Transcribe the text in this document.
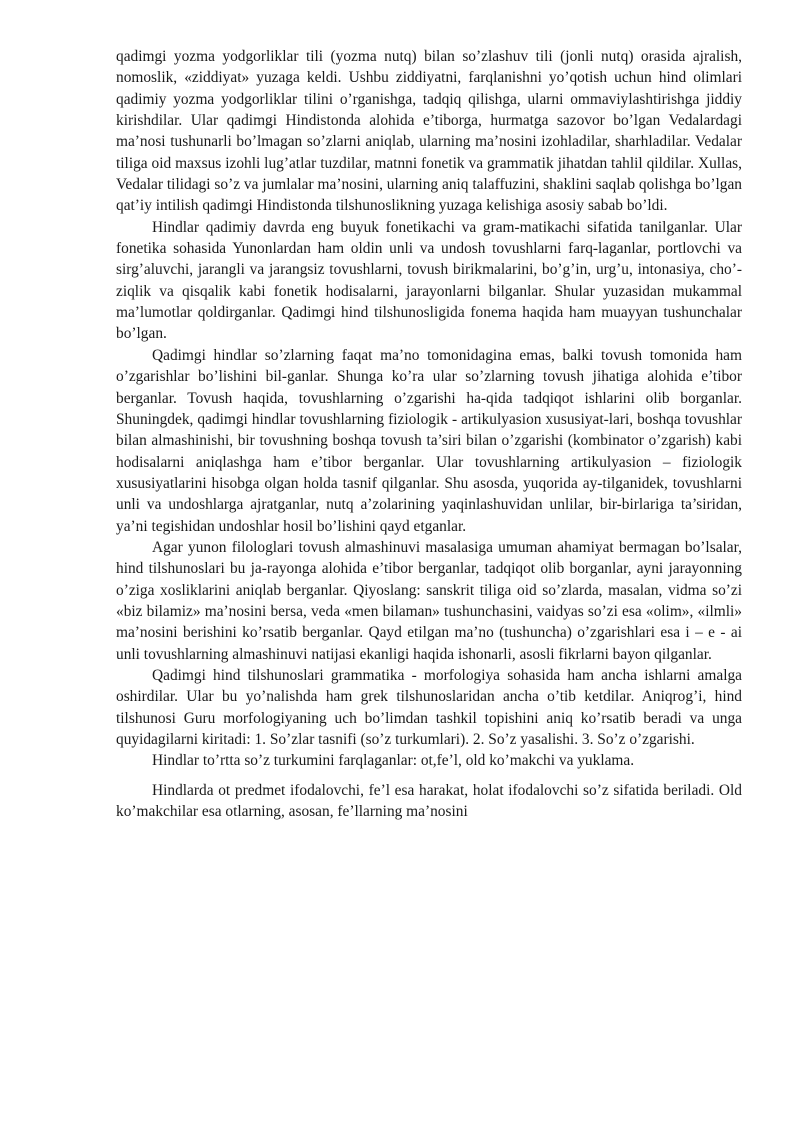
qadimgi yozma yodgorliklar tili (yozma nutq) bilan so’zlashuv tili (jonli nutq) orasida ajralish, nomoslik, «ziddiyat» yuzaga keldi. Ushbu ziddiyatni, farqlanishni yo’qotish uchun hind olimlari qadimiy yozma yodgorliklar tilini o’rganishga, tadqiq qilishga, ularni ommaviylashtirishga jiddiy kirishdilar. Ular qadimgi Hindistonda alohida e’tiborga, hurmatga sazovor bo’lgan Vedalardagi ma’nosi tushunarli bo’lmagan so’zlarni aniqlab, ularning ma’nosini izohladilar, sharhladilar. Vedalar tiliga oid maxsus izohli lug’atlar tuzdilar, matnni fonetik va grammatik jihatdan tahlil qildilar. Xullas, Vedalar tilidagi so’z va jumlalar ma’nosini, ularning aniq talaffuzini, shaklini saqlab qolishga bo’lgan qat’iy intilish qadimgi Hindistonda tilshunoslikning yuzaga kelishiga asosiy sabab bo’ldi.

Hindlar qadimiy davrda eng buyuk fonetikachi va gram-matikachi sifatida tanilganlar. Ular fonetika sohasida Yunonlardan ham oldin unli va undosh tovushlarni farq-laganlar, portlovchi va sirg’aluvchi, jarangli va jarangsiz tovushlarni, tovush birikmalarini, bo’g’in, urg’u, intonasiya, cho’-ziqlik va qisqalik kabi fonetik hodisalarni, jarayonlarni bilganlar. Shular yuzasidan mukammal ma’lumotlar qoldirganlar. Qadimgi hind tilshunosligida fonema haqida ham muayyan tushunchalar bo’lgan.

Qadimgi hindlar so’zlarning faqat ma’no tomonidagina emas, balki tovush tomonida ham o’zgarishlar bo’lishini bil-ganlar. Shunga ko’ra ular so’zlarning tovush jihatiga alohida e’tibor berganlar. Tovush haqida, tovushlarning o’zgarishi ha-qida tadqiqot ishlarini olib borganlar. Shuningdek, qadimgi hindlar tovushlarning fiziologik - artikulyasion xususiyat-lari, boshqa tovushlar bilan almashinishi, bir tovushning boshqa tovush ta’siri bilan o’zgarishi (kombinator o’zgarish) kabi hodisalarni aniqlashga ham e’tibor berganlar. Ular tovushlarning artikulyasion – fiziologik xususiyatlarini hisobga olgan holda tasnif qilganlar. Shu asosda, yuqorida ay-tilganidek, tovushlarni unli va undoshlarga ajratganlar, nutq a’zolarining yaqinlashuvidan unlilar, bir-birlariga ta’siridan, ya’ni tegishidan undoshlar hosil bo’lishini qayd etganlar.

Agar yunon filologlari tovush almashinuvi masalasiga umuman ahamiyat bermagan bo’lsalar, hind tilshunoslari bu ja-rayonga alohida e’tibor berganlar, tadqiqot olib borganlar, ayni jarayonning o’ziga xosliklarini aniqlab berganlar. Qiyoslang: sanskrit tiliga oid so’zlarda, masalan, vidma so’zi «biz bilamiz» ma’nosini bersa, veda «men bilaman» tushunchasini, vaidyas so’zi esa «olim», «ilmli» ma’nosini berishini ko’rsatib berganlar. Qayd etilgan ma’no (tushuncha) o’zgarishlari esa i – e - ai unli tovushlarning almashinuvi natijasi ekanligi haqida ishonarli, asosli fikrlarni bayon qilganlar.

Qadimgi hind tilshunoslari grammatika - morfologiya sohasida ham ancha ishlarni amalga oshirdilar. Ular bu yo’nalishda ham grek tilshunoslaridan ancha o’tib ketdilar. Aniqrog’i, hind tilshunosi Guru morfologiyaning uch bo’limdan tashkil topishini aniq ko’rsatib beradi va unga quyidagilarni kiritadi: 1. So’zlar tasnifi (so’z turkumlari). 2. So’z yasalishi. 3. So’z o’zgarishi.

Hindlar to’rtta so’z turkumini farqlaganlar: ot,fe’l, old ko’makchi va yuklama.

Hindlarda ot predmet ifodalovchi, fe’l esa harakat, holat ifodalovchi so’z sifatida beriladi. Old ko’makchilar esa otlarning, asosan, fe’llarning ma’nosini
